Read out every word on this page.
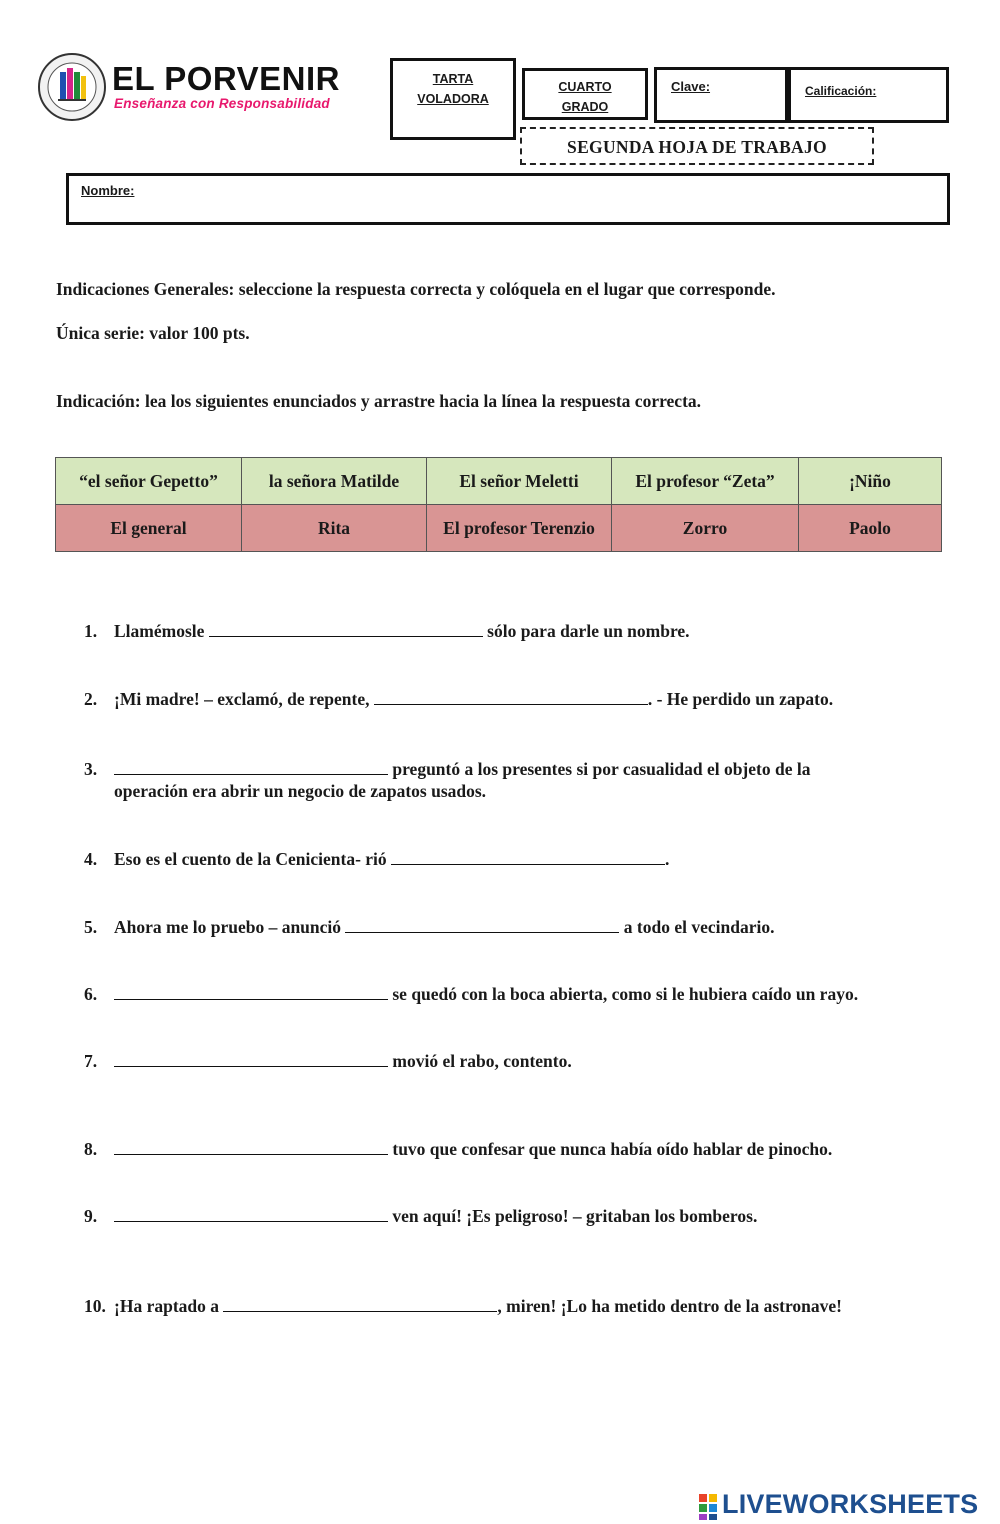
EL PORVENIR
Enseñanza con Responsabilidad
TARTA
VOLADORA
CUARTO
GRADO
Clave:	Calificación:
SEGUNDA HOJA DE TRABAJO
Nombre:
Indicaciones Generales: seleccione la respuesta correcta y colóquela en el lugar que corresponde.
Única serie: valor 100 pts.
Indicación: lea los siguientes enunciados y arrastre hacia la línea la respuesta correcta.
“el señor Gepetto”	la señora Matilde	El señor Meletti	El profesor “Zeta”	¡Niño
El general	Rita	El profesor Terenzio	Zorro	Paolo
1. Llamémosle	sólo para darle un nombre.
2. ¡Mi madre! – exclamó, de repente,	. - He perdido un zapato.
3.	preguntó a los presentes si por casualidad el objeto de la
operación era abrir un negocio de zapatos usados.
4. Eso es el cuento de la Cenicienta- rió	.
5. Ahora me lo pruebo – anunció	a todo el vecindario.
6.	se quedó con la boca abierta, como si le hubiera caído un rayo.
7.	movió el rabo, contento.
8.	tuvo que confesar que nunca había oído hablar de pinocho.
9.	ven aquí! ¡Es peligroso! – gritaban los bomberos.
10. ¡Ha raptado a	, miren! ¡Lo ha metido dentro de la astronave!
LIVEWORKSHEETS
